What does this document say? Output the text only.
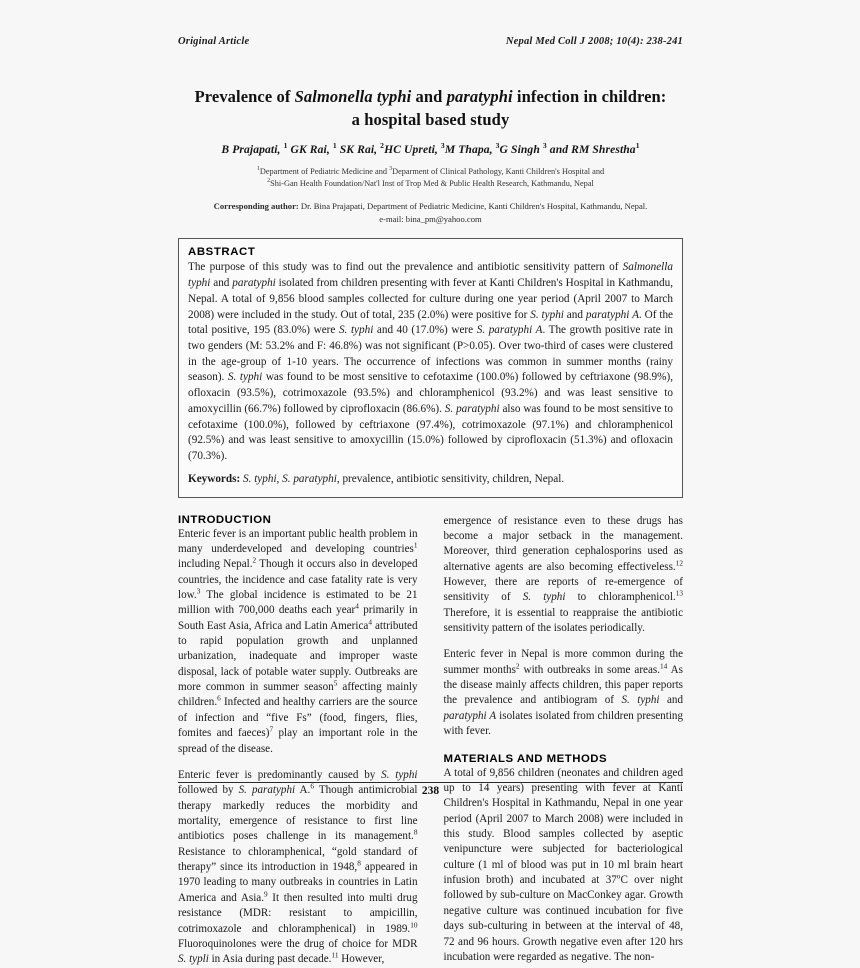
Original Article	Nepal Med Coll J 2008; 10(4): 238-241
Prevalence of Salmonella typhi and paratyphi infection in children:
a hospital based study
B Prajapati, $^1$ GK Rai, $^1$ SK Rai, $^2$HC Upreti, $^3$M Thapa, $^3$G Singh $^3$ and RM Shrestha$^1$
$^1$Department of Pediatric Medicine and $^3$Deparment of Clinical Pathology, Kanti Children's Hospital and
$^2$Shi-Gan Health Foundation/Nat'l Inst of Trop Med & Public Health Research, Kathmandu, Nepal
Corresponding author: Dr. Bina Prajapati, Department of Pediatric Medicine, Kanti Children's Hospital, Kathmandu, Nepal.
e-mail: bina_pm@yahoo.com
ABSTRACT
The purpose of this study was to find out the prevalence and antibiotic sensitivity pattern of Salmonella typhi and paratyphi isolated from children presenting with fever at Kanti Children's Hospital in Kathmandu, Nepal. A total of 9,856 blood samples collected for culture during one year period (April 2007 to March 2008) were included in the study. Out of total, 235 (2.0%) were positive for S. typhi and paratyphi A. Of the total positive, 195 (83.0%) were S. typhi and 40 (17.0%) were S. paratyphi A. The growth positive rate in two genders (M: 53.2% and F: 46.8%) was not significant (P>0.05). Over two-third of cases were clustered in the age-group of 1-10 years. The occurrence of infections was common in summer months (rainy season). S. typhi was found to be most sensitive to cefotaxime (100.0%) followed by ceftriaxone (98.9%), ofloxacin (93.5%), cotrimoxazole (93.5%) and chloramphenicol (93.2%) and was least sensitive to amoxycillin (66.7%) followed by ciprofloxacin (86.6%). S. paratyphi also was found to be most sensitive to cefotaxime (100.0%), followed by ceftriaxone (97.4%), cotrimoxazole (97.1%) and chloramphenicol (92.5%) and was least sensitive to amoxycillin (15.0%) followed by ciprofloxacin (51.3%) and ofloxacin (70.3%).
Keywords: S. typhi, S. paratyphi, prevalence, antibiotic sensitivity, children, Nepal.
INTRODUCTION

Enteric fever is an important public health problem in many underdeveloped and developing countries$^1$ including Nepal.$^2$ Though it occurs also in developed countries, the incidence and case fatality rate is very low.$^3$ The global incidence is estimated to be 21 million with 700,000 deaths each year$^4$ primarily in South East Asia, Africa and Latin America$^4$ attributed to rapid population growth and unplanned urbanization, inadequate and improper waste disposal, lack of potable water supply. Outbreaks are more common in summer season$^5$ affecting mainly children.$^6$ Infected and healthy carriers are the source of infection and “five Fs” (food, fingers, flies, fomites and faeces)$^7$ play an important role in the spread of the disease.

Enteric fever is predominantly caused by S. typhi followed by S. paratyphi A.$^6$ Though antimicrobial therapy markedly reduces the morbidity and mortality, emergence of resistance to first line antibiotics poses challenge in its management.$^8$ Resistance to chloramphenical, “gold standard of therapy” since its introduction in 1948,$^8$ appeared in 1970 leading to many outbreaks in countries in Latin America and Asia.$^9$ It then resulted into multi drug resistance (MDR: resistant to ampicillin, cotrimoxazole and chloramphenical) in 1989.10 Fluoroquinolones were the drug of choice for MDR S. typli in Asia during past decade.$^{11}$ However,

emergence of resistance even to these drugs has become a major setback in the management. Moreover, third generation cephalosporins used as alternative agents are also becoming effectiveless.$^{12}$ However, there are reports of re-emergence of sensitivity of S. typhi to chloramphenicol.$^{13}$ Therefore, it is essential to reappraise the antibiotic sensitivity pattern of the isolates periodically.

Enteric fever in Nepal is more common during the summer months$^2$ with outbreaks in some areas.$^{14}$ As the disease mainly affects children, this paper reports the prevalence and antibiogram of S. typhi and paratyphi A isolates isolated from children presenting with fever.

MATERIALS AND METHODS

A total of 9,856 children (neonates and children aged up to 14 years) presenting with fever at Kanti Children's Hospital in Kathmandu, Nepal in one year period (April 2007 to March 2008) were included in this study. Blood samples collected by aseptic venipuncture were subjected for bacteriological culture (1 ml of blood was put in 10 ml brain heart infusion broth) and incubated at 37$^o$C over night followed by sub-culture on MacConkey agar. Growth negative culture was continued incubation for five days sub-culturing in between at the interval of 48, 72 and 96 hours. Growth negative even after 120 hrs incubation were regarded as negative. The non-

238
